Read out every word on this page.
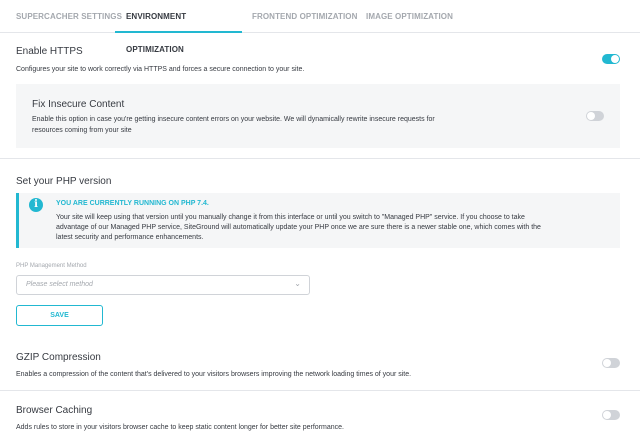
SUPERCACHER SETTINGS ENVIRONMENT OPTIMIZATION
FRONTEND OPTIMIZATION IMAGE OPTIMIZATION
Enable HTTPS
Configures your site to work correctly via HTTPS and forces a secure connection to your site.
Fix Insecure Content
Enable this option in case you're getting insecure content errors on your website. We will dynamically rewrite insecure requests for
resources coming from your site
Set your PHP version
i	YOU ARE CURRENTLY RUNNING ON PHP 7.4.
Your site will keep using that version until you manually change it from this interface or until you switch to "Managed PHP" service. If you choose to take
advantage of our Managed PHP service, SiteGround will automatically update your PHP once we are sure there is a newer stable one, which comes with the
latest security and performance enhancements.
PHP Management Method
Please select method	⌄
SAVE
GZIP Compression
Enables a compression of the content that's delivered to your visitors browsers improving the network loading times of your site.
Browser Caching
Adds rules to store in your visitors browser cache to keep static content longer for better site performance.
